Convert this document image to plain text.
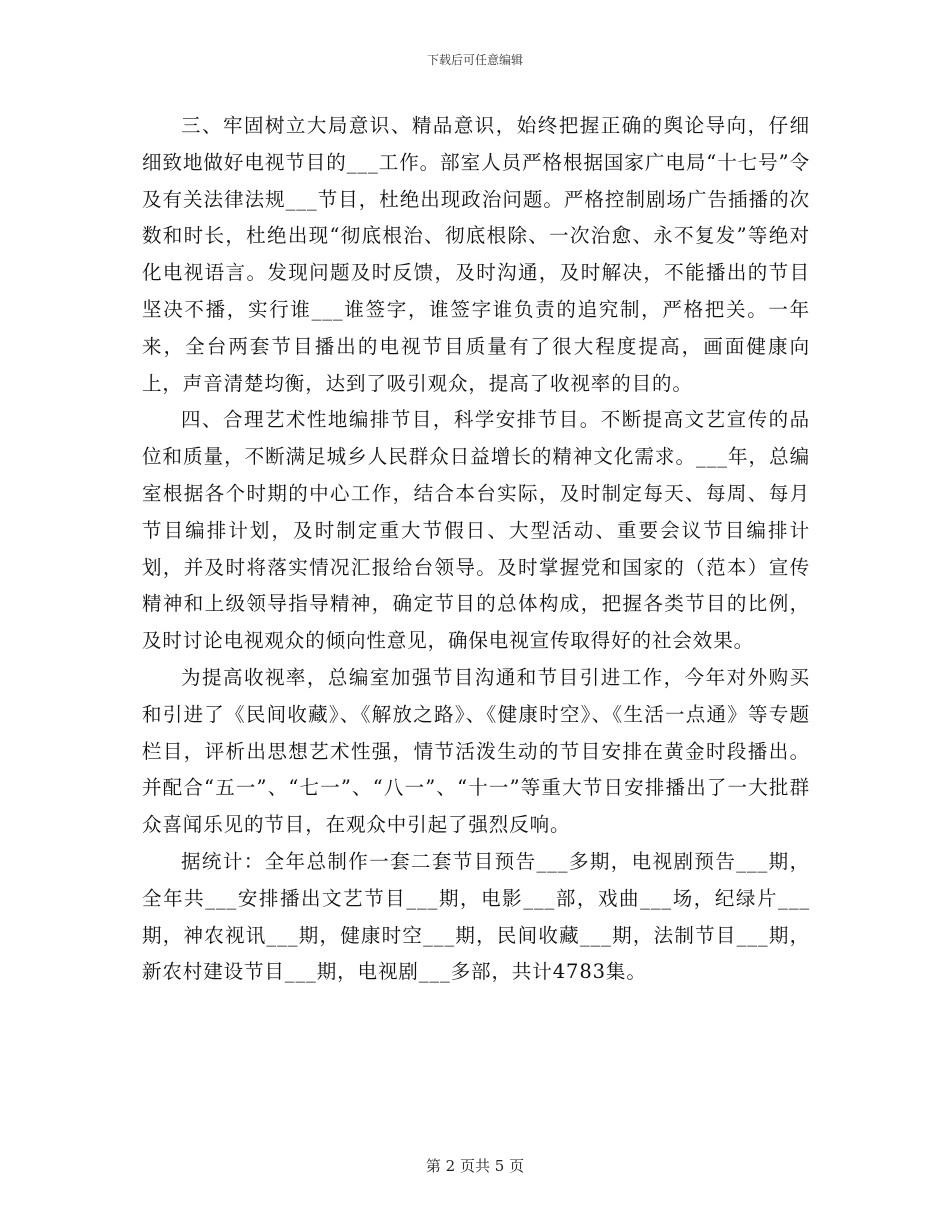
下载后可任意编辑

三、牢固树立大局意识、精品意识，始终把握正确的舆论导向，仔细细致地做好电视节目的___工作。部室人员严格根据国家广电局“十七号”令及有关法律法规___节目，杜绝出现政治问题。严格控制剧场广告插播的次数和时长，杜绝出现“彻底根治、彻底根除、一次治愈、永不复发”等绝对化电视语言。发现问题及时反馈，及时沟通，及时解决，不能播出的节目坚决不播，实行谁___谁签字，谁签字谁负责的追究制，严格把关。一年来，全台两套节目播出的电视节目质量有了很大程度提高，画面健康向上，声音清楚均衡，达到了吸引观众，提高了收视率的目的。

四、合理艺术性地编排节目，科学安排节目。不断提高文艺宣传的品位和质量，不断满足城乡人民群众日益增长的精神文化需求。___年，总编室根据各个时期的中心工作，结合本台实际，及时制定每天、每周、每月节目编排计划，及时制定重大节假日、大型活动、重要会议节目编排计划，并及时将落实情况汇报给台领导。及时掌握党和国家的（范本）宣传精神和上级领导指导精神，确定节目的总体构成，把握各类节目的比例，及时讨论电视观众的倾向性意见，确保电视宣传取得好的社会效果。

为提高收视率，总编室加强节目沟通和节目引进工作，今年对外购买和引进了《民间收藏》、《解放之路》、《健康时空》、《生活一点通》等专题栏目，评析出思想艺术性强，情节活泼生动的节目安排在黄金时段播出。并配合“五一”、“七一”、“八一”、“十一”等重大节日安排播出了一大批群众喜闻乐见的节目，在观众中引起了强烈反响。

据统计：全年总制作一套二套节目预告___多期，电视剧预告___期，全年共___安排播出文艺节目___期，电影___部，戏曲___场，纪绿片___期，神农视讯___期，健康时空___期，民间收藏___期，法制节目___期，新农村建设节目___期，电视剧___多部，共计4783集。

第 2 页共 5 页
